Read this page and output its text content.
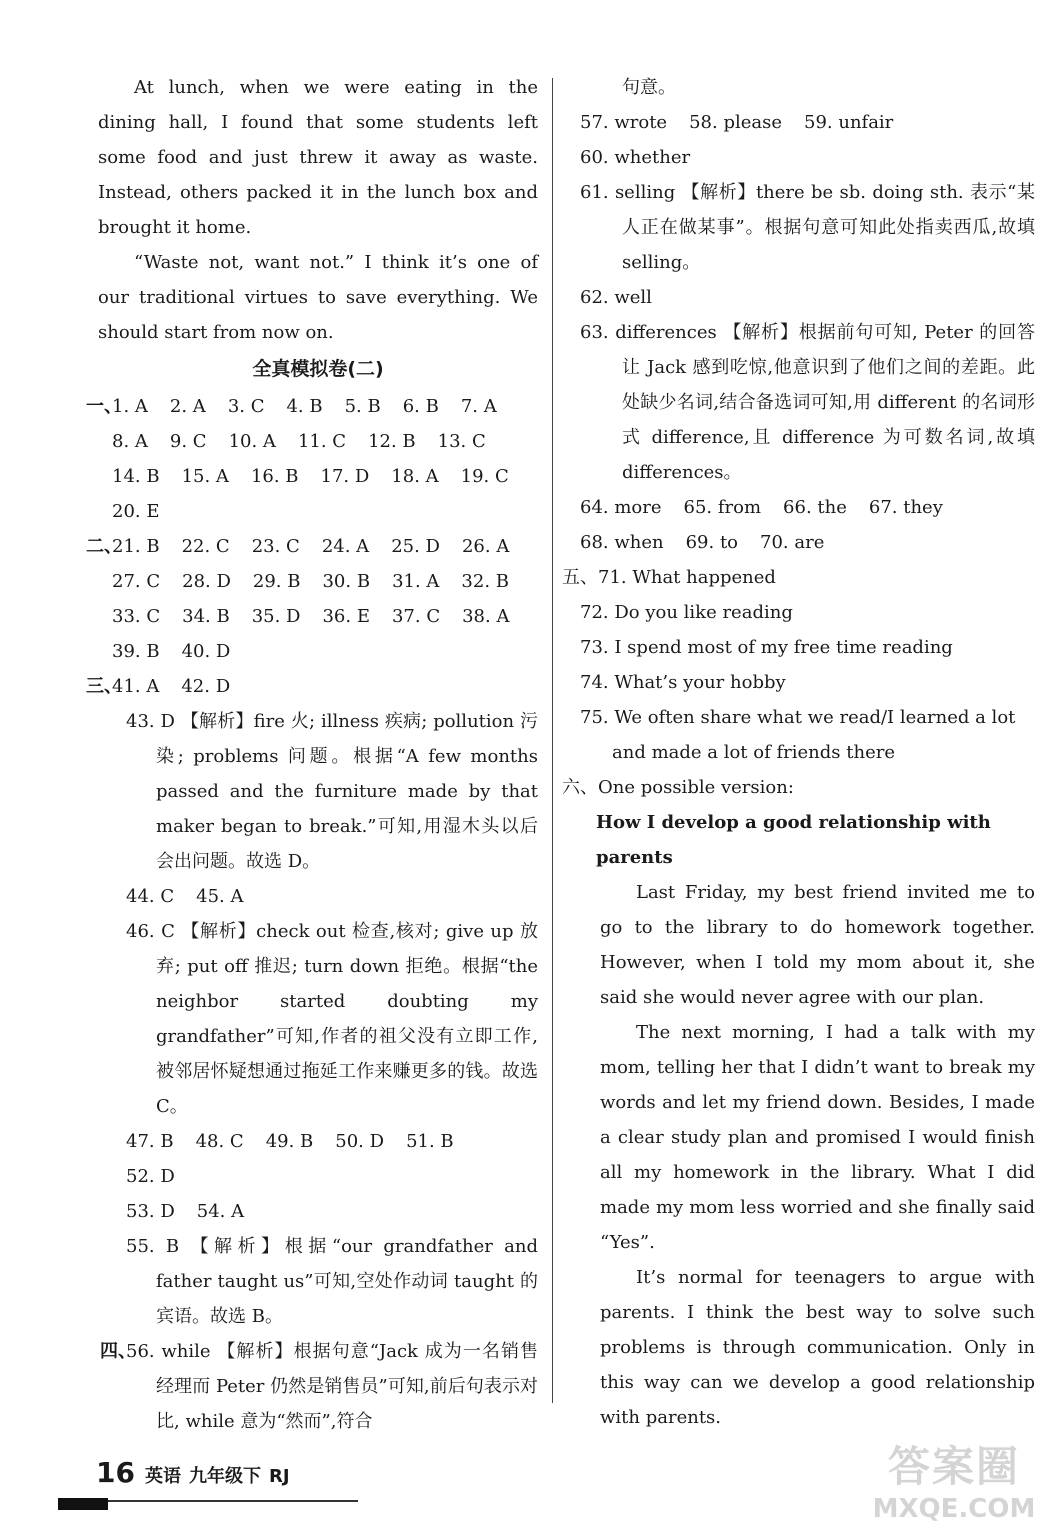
At lunch, when we were eating in the dining hall, I found that some students left some food and just threw it away as waste. Instead, others packed it in the lunch box and brought it home.

“Waste not, want not.” I think it’s one of our traditional virtues to save everything. We should start from now on.

全真模拟卷(二)

一、
1. A 2. A 3. C 4. B 5. B 6. B 7. A
8. A 9. C 10. A 11. C 12. B 13. C
14. B 15. A 16. B 17. D 18. A 19. C
20. E
二、
21. B 22. C 23. C 24. A 25. D 26. A
27. C 28. D 29. B 30. B 31. A 32. B
33. C 34. B 35. D 36. E 37. C 38. A
39. B 40. D
三、
41. A 42. D

43. D 【解析】fire 火; illness 疾病; pollution 污染; problems 问题。根据“A few months passed and the furniture made by that maker began to break.”可知,用湿木头以后会出问题。故选 D。

44. C 45. A

46. C 【解析】check out 检查,核对; give up 放弃; put off 推迟; turn down 拒绝。根据“the neighbor started doubting my grandfather”可知,作者的祖父没有立即工作,被邻居怀疑想通过拖延工作来赚更多的钱。故选 C。

47. B 48. C 49. B 50. D 51. B
52. D
53. D 54. A

55. B 【解析】根据“our grandfather and father taught us”可知,空处作动词 taught 的宾语。故选 B。

四、56. while 【解析】根据句意“Jack 成为一名销售经理而 Peter 仍然是销售员”可知,前后句表示对比, while 意为“然而”,符合

句意。

57. wrote 58. please 59. unfair
60. whether

61. selling 【解析】there be sb. doing sth. 表示“某人正在做某事”。根据句意可知此处指卖西瓜,故填 selling。

62. well

63. differences 【解析】根据前句可知, Peter 的回答让 Jack 感到吃惊,他意识到了他们之间的差距。此处缺少名词,结合备选词可知,用 different 的名词形式 difference,且 difference 为可数名词,故填 differences。

64. more 65. from 66. the 67. they
68. when 69. to 70. are

五、71. What happened

72. Do you like reading

73. I spend most of my free time reading

74. What’s your hobby

75. We often share what we read/I learned a lot and made a lot of friends there

六、One possible version:

How I develop a good relationship with parents

Last Friday, my best friend invited me to go to the library to do homework together. However, when I told my mom about it, she said she would never agree with our plan.

The next morning, I had a talk with my mom, telling her that I didn’t want to break my words and let my friend down. Besides, I made a clear study plan and promised I would finish all my homework in the library. What I did made my mom less worried and she finally said “Yes”.

It’s normal for teenagers to argue with parents. I think the best way to solve such problems is through communication. Only in this way can we develop a good relationship with parents.

16 英语 九年级下 RJ	答案圈
MXQE.COM
